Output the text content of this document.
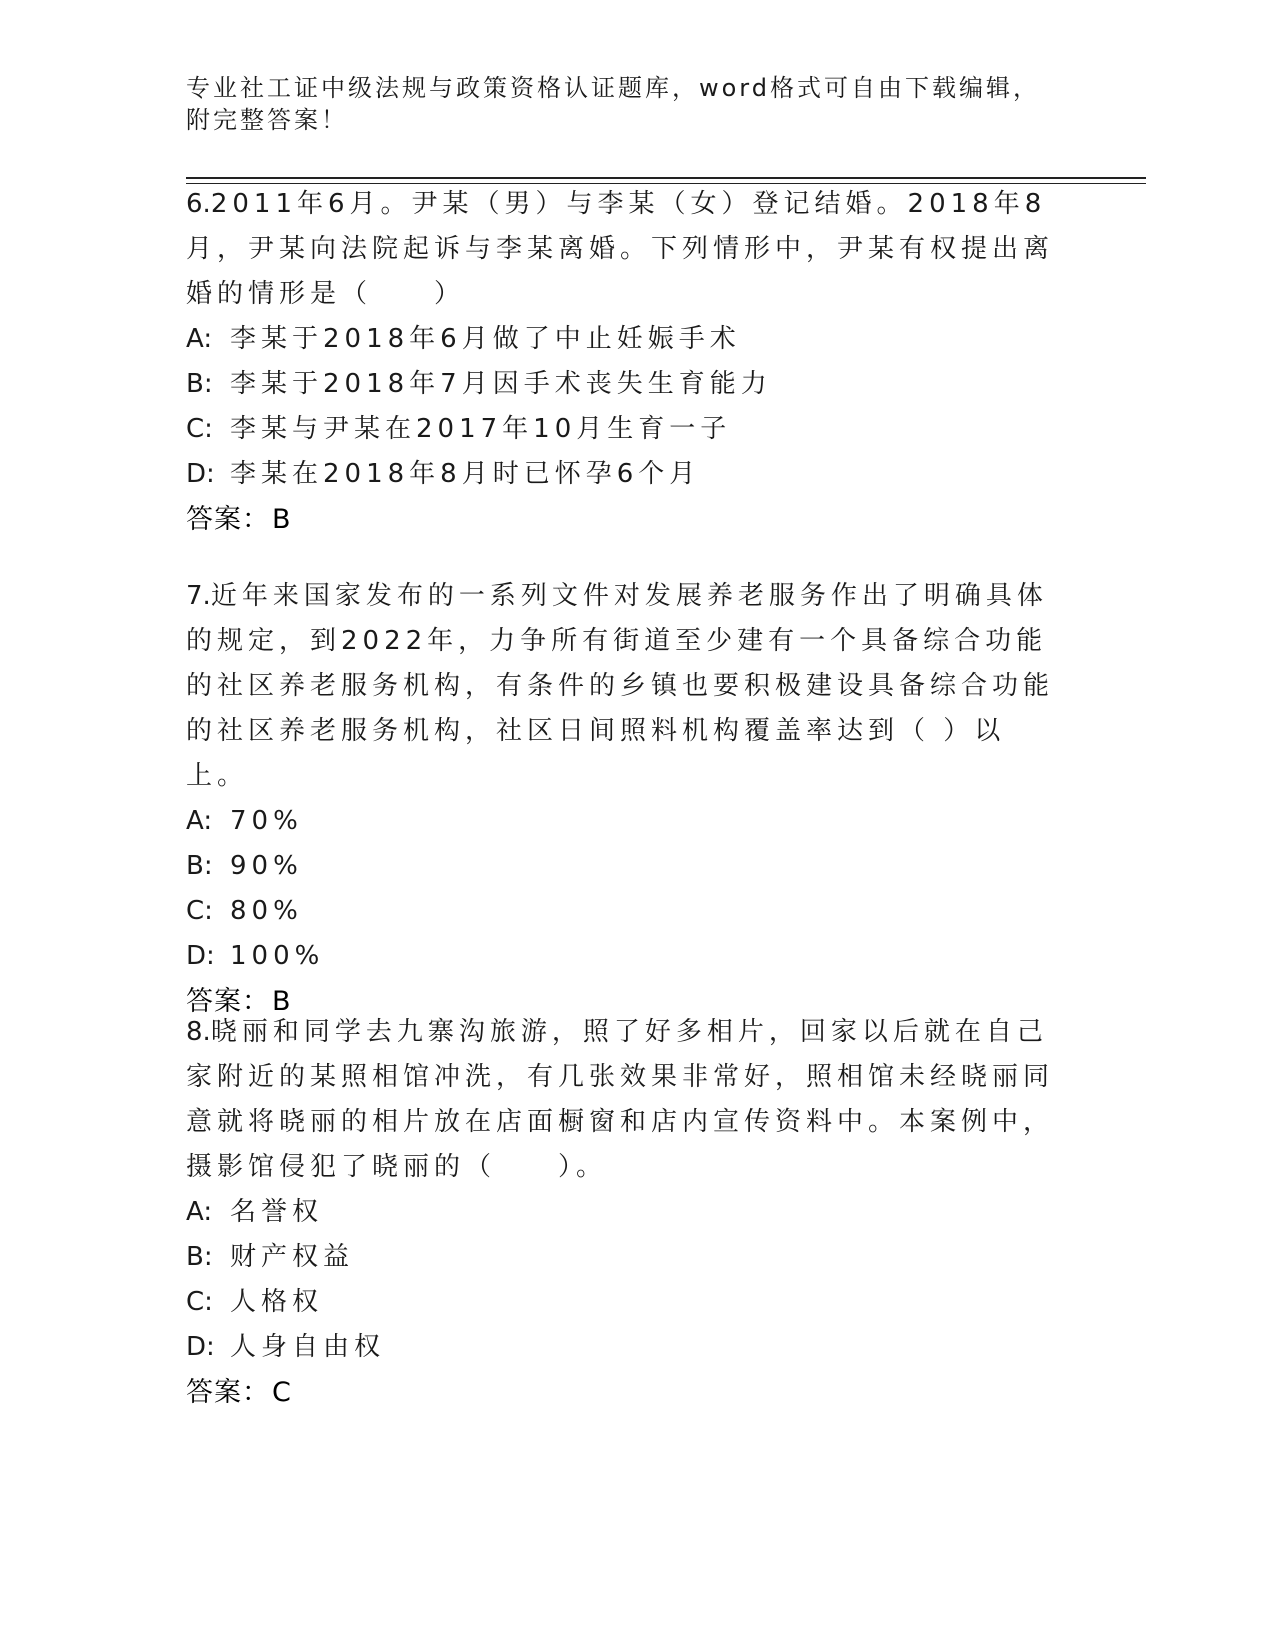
专业社工证中级法规与政策资格认证题库，word格式可自由下载编辑，附完整答案！

6.2011年6月。尹某（男）与李某（女）登记结婚。2018年8月，尹某向法院起诉与李某离婚。下列情形中，尹某有权提出离婚的情形是（　　）

A: 李某于2018年6月做了中止妊娠手术
B: 李某于2018年7月因手术丧失生育能力
C: 李某与尹某在2017年10月生育一子
D: 李某在2018年8月时已怀孕6个月
答案：B

7.近年来国家发布的一系列文件对发展养老服务作出了明确具体的规定，到2022年，力争所有街道至少建有一个具备综合功能的社区养老服务机构，有条件的乡镇也要积极建设具备综合功能的社区养老服务机构，社区日间照料机构覆盖率达到（ ）以上。

A: 70%
B: 90%
C: 80%
D: 100%
答案：B

8.晓丽和同学去九寨沟旅游，照了好多相片，回家以后就在自己家附近的某照相馆冲洗，有几张效果非常好，照相馆未经晓丽同意就将晓丽的相片放在店面橱窗和店内宣传资料中。本案例中，摄影馆侵犯了晓丽的（　　）。

A: 名誉权
B: 财产权益
C: 人格权
D: 人身自由权
答案：C
